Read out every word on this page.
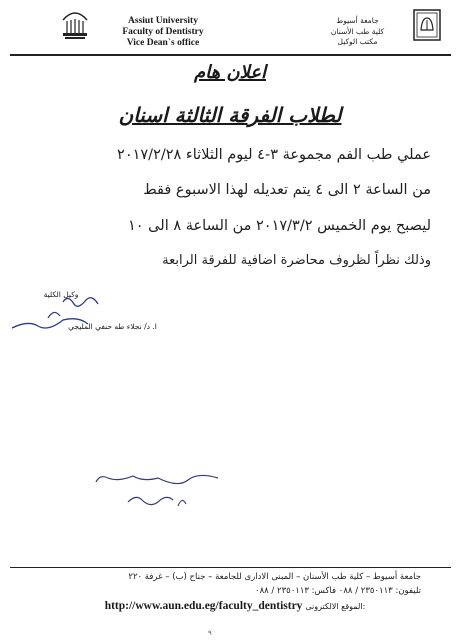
Assiut University
Faculty of Dentistry
Vice Dean`s office
جامعة أسيوط
كلية طب الأسنان
مكتب الوكيل
اعلان هام
لطلاب الفرقة الثالثة اسنان
عملي طب الفم مجموعة ٣-٤ ليوم الثلاثاء ٢٠١٧/٢/٢٨
من الساعة ٢ الى ٤ يتم تعديله لهذا الاسبوع فقط
ليصبح يوم الخميس ٢٠١٧/٣/٢ من الساعة ٨ الى ١٠
وذلك نظراً لظروف محاضرة اضافية للفرقة الرابعة
وكيل الكلية
ا. د/ نجلاء طه حنفي المليجي
جامعة أسيوط – كلية طب الأسنان – المبنى الادارى للجامعة – جناح (ب) – غرفة ٢٢٠
تليفون: ٢٣٥٠١١٣ / ٠٨٨ فاكس: ٢٣٥٠١١٣ / ٠٨٨
http://www.aun.edu.eg/faculty_dentistry الموقع الالكترونى:
٩
